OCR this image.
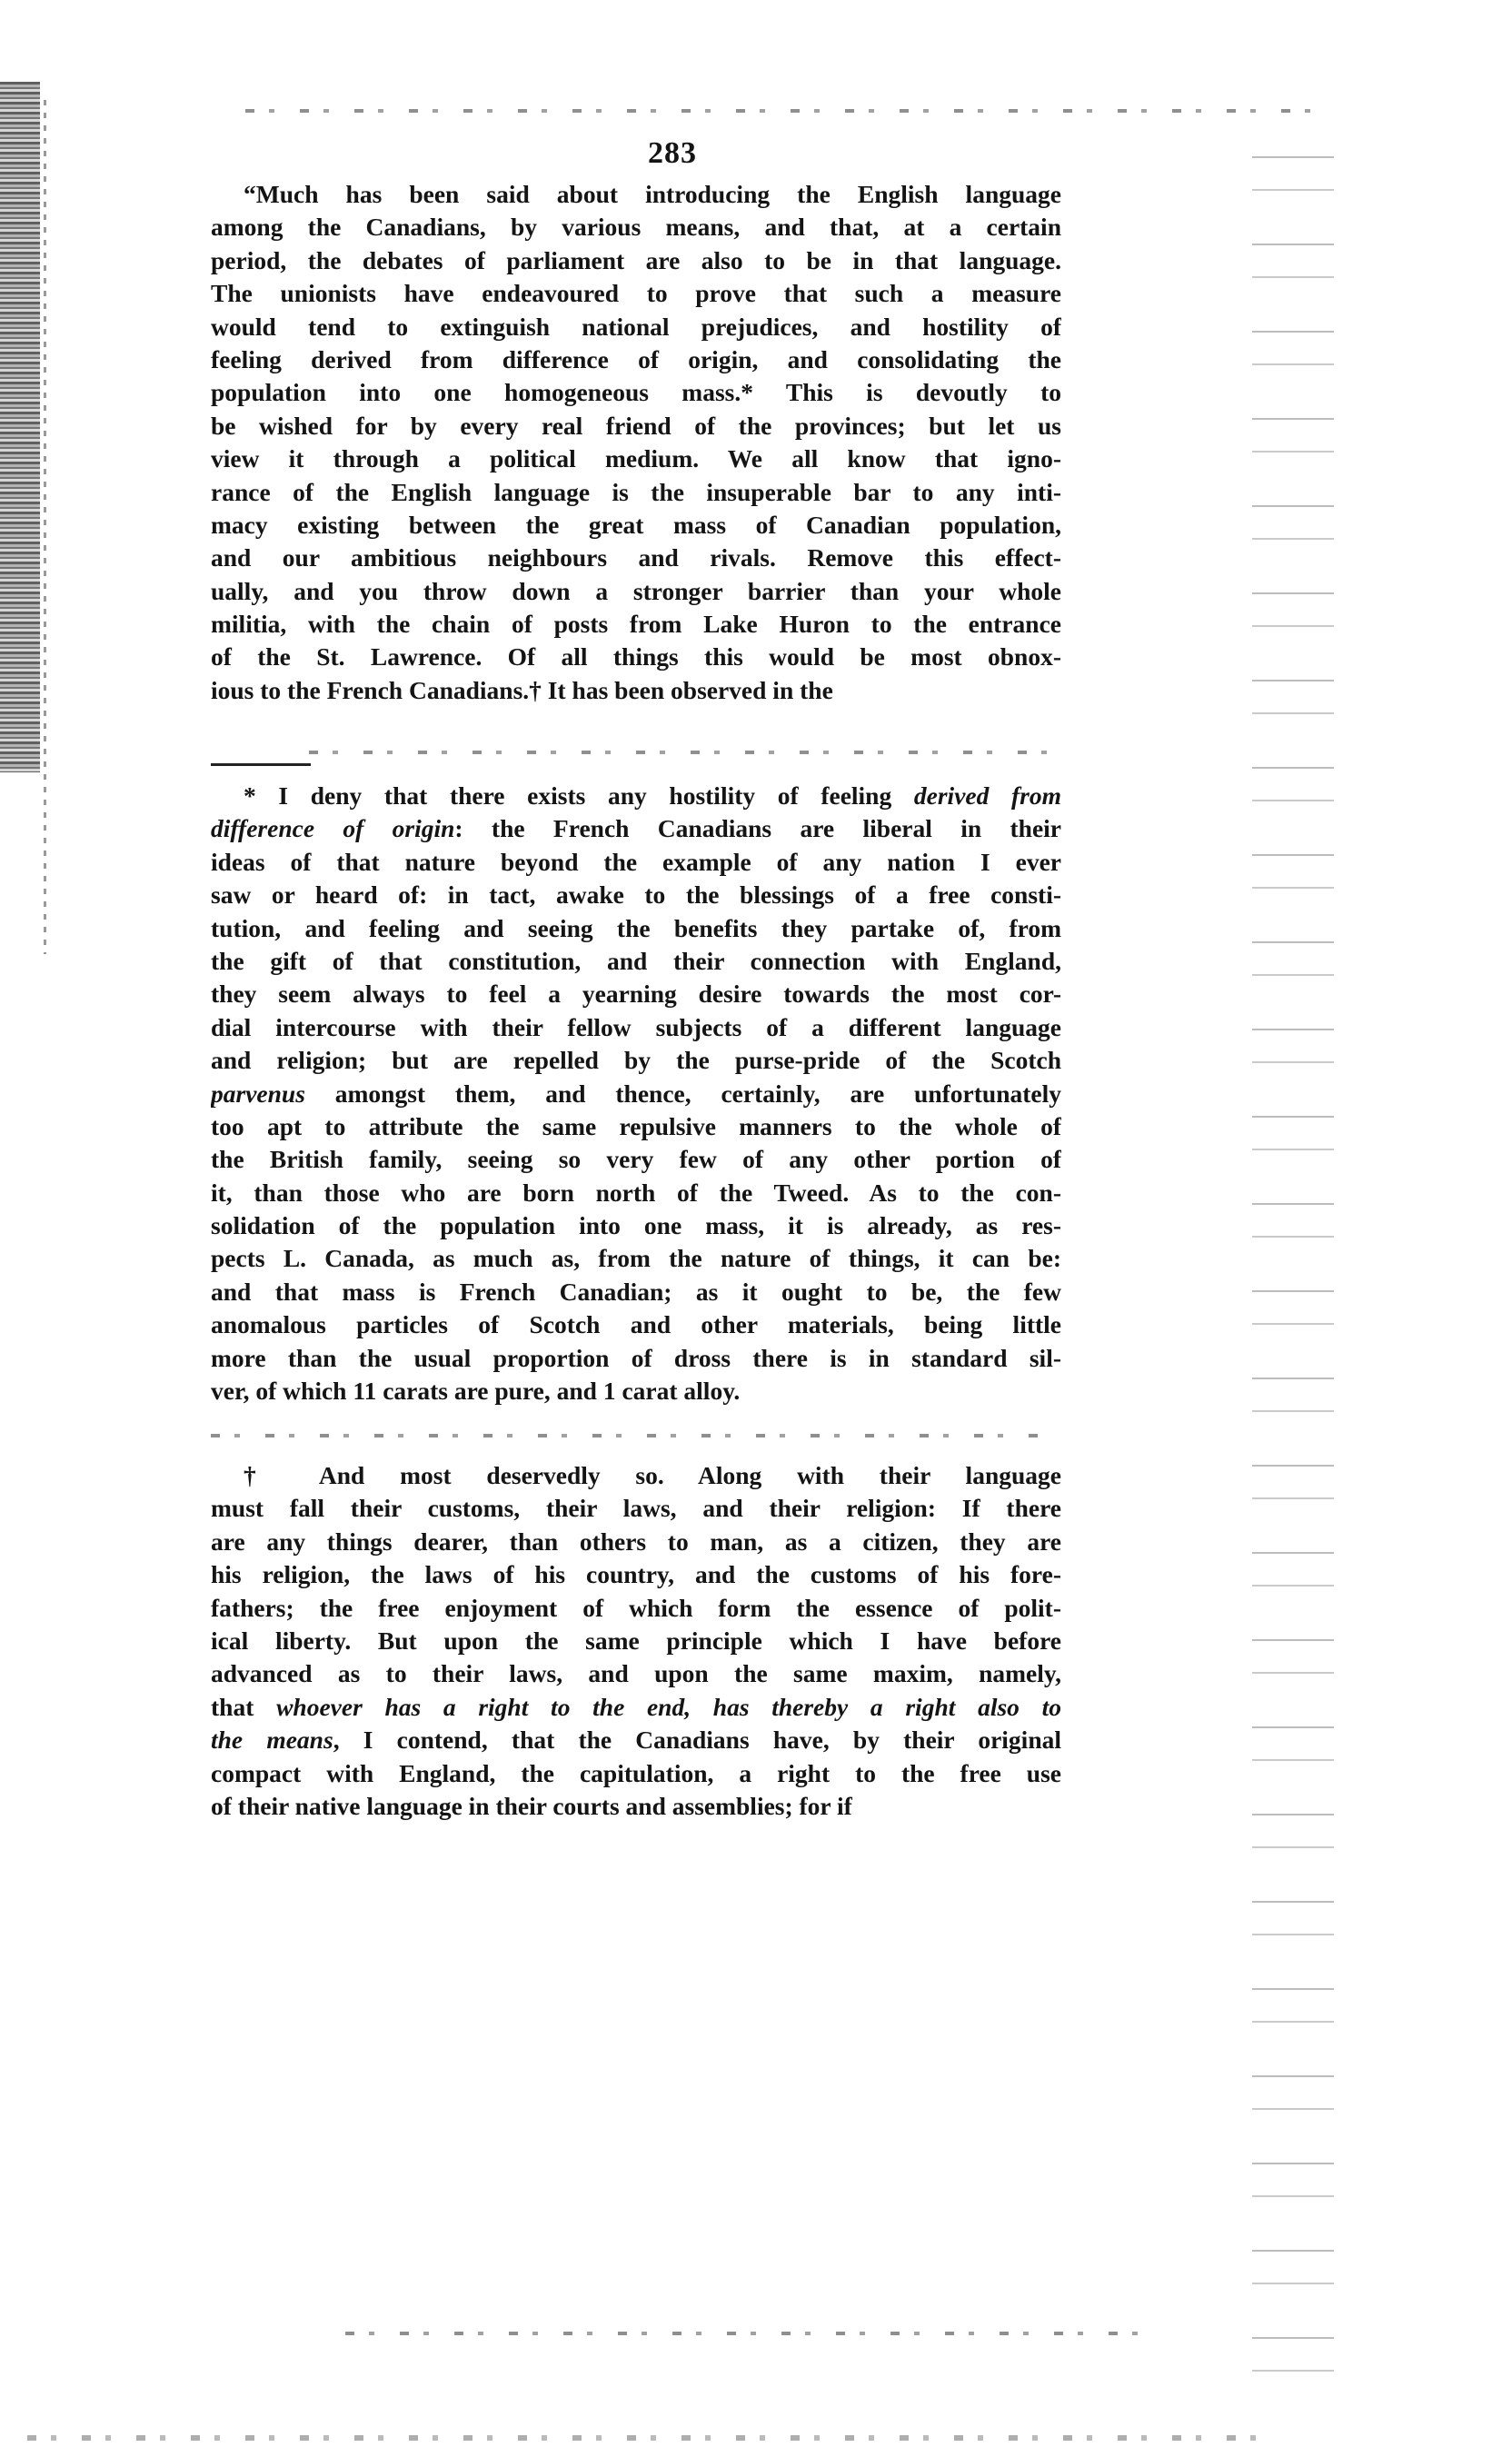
283
“Much has been said about introducing the English language
among the Canadians, by various means, and that, at a certain
period, the debates of parliament are also to be in that language.
The unionists have endeavoured to prove that such a measure
would tend to extinguish national prejudices, and hostility of
feeling derived from difference of origin, and consolidating the
population into one homogeneous mass.* This is devoutly to
be wished for by every real friend of the provinces; but let us
view it through a political medium. We all know that igno-
rance of the English language is the insuperable bar to any inti-
macy existing between the great mass of Canadian population,
and our ambitious neighbours and rivals. Remove this effect-
ually, and you throw down a stronger barrier than your whole
militia, with the chain of posts from Lake Huron to the entrance
of the St. Lawrence. Of all things this would be most obnox-
ious to the French Canadians.† It has been observed in the
* I deny that there exists any hostility of feeling derived from
difference of origin: the French Canadians are liberal in their
ideas of that nature beyond the example of any nation I ever
saw or heard of: in tact, awake to the blessings of a free consti-
tution, and feeling and seeing the benefits they partake of, from
the gift of that constitution, and their connection with England,
they seem always to feel a yearning desire towards the most cor-
dial intercourse with their fellow subjects of a different language
and religion; but are repelled by the purse-pride of the Scotch
parvenus amongst them, and thence, certainly, are unfortunately
too apt to attribute the same repulsive manners to the whole of
the British family, seeing so very few of any other portion of
it, than those who are born north of the Tweed. As to the con-
solidation of the population into one mass, it is already, as res-
pects L. Canada, as much as, from the nature of things, it can be:
and that mass is French Canadian; as it ought to be, the few
anomalous particles of Scotch and other materials, being little
more than the usual proportion of dross there is in standard sil-
ver, of which 11 carats are pure, and 1 carat alloy.
† And most deservedly so. Along with their language
must fall their customs, their laws, and their religion: If there
are any things dearer, than others to man, as a citizen, they are
his religion, the laws of his country, and the customs of his fore-
fathers; the free enjoyment of which form the essence of polit-
ical liberty. But upon the same principle which I have before
advanced as to their laws, and upon the same maxim, namely,
that whoever has a right to the end, has thereby a right also to
the means, I contend, that the Canadians have, by their original
compact with England, the capitulation, a right to the free use
of their native language in their courts and assemblies; for if
